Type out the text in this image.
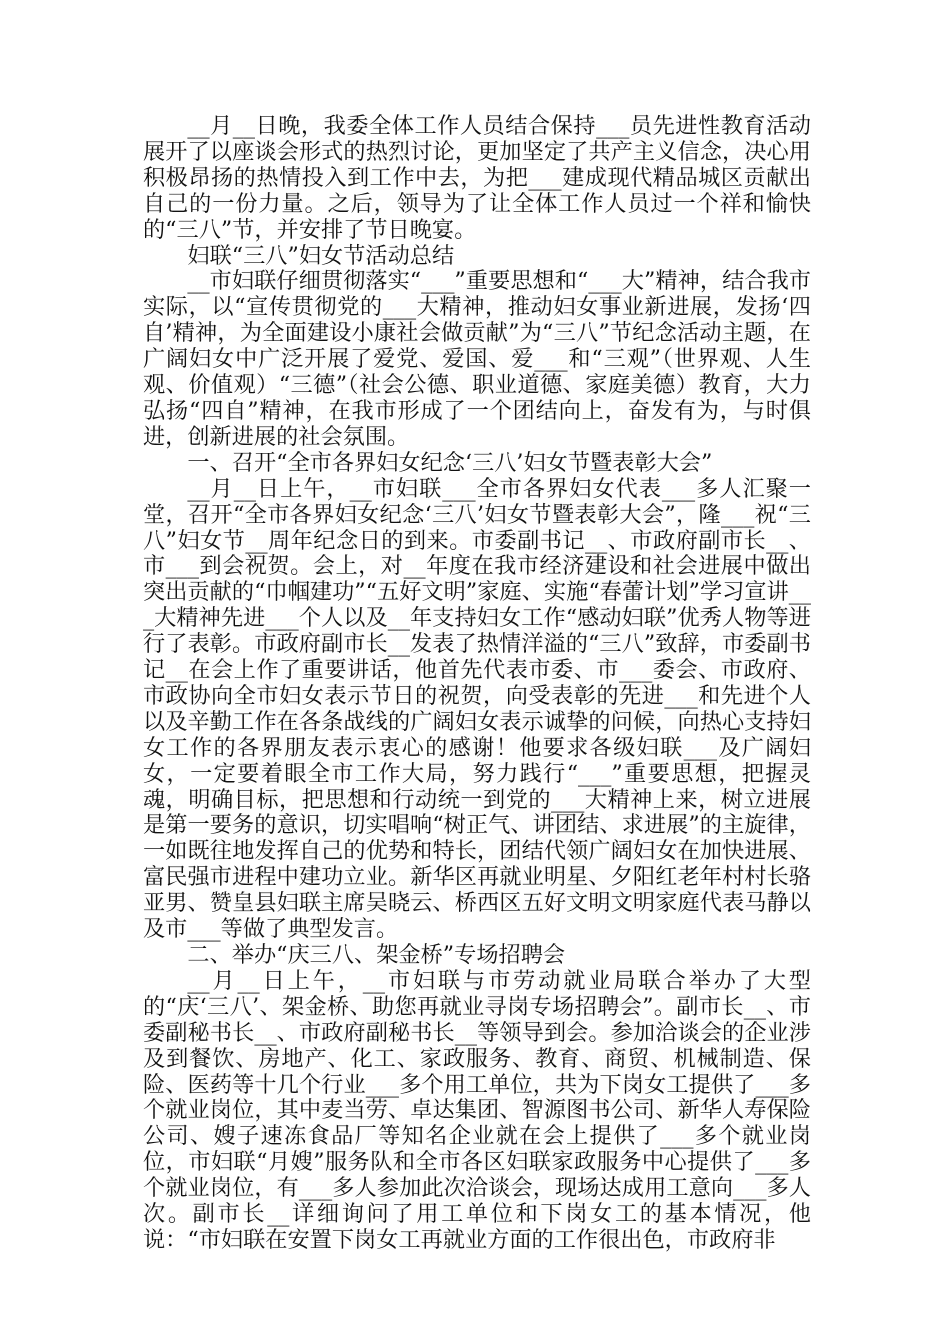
__月__日晚，我委全体工作人员结合保持___员先进性教育活动展开了以座谈会形式的热烈讨论，更加坚定了共产主义信念，决心用积极昂扬的热情投入到工作中去，为把___建成现代精品城区贡献出自己的一份力量。之后，领导为了让全体工作人员过一个祥和愉快的“三八”节，并安排了节日晚宴。

妇联“三八”妇女节活动总结

__市妇联仔细贯彻落实“___”重要思想和“___大”精神，结合我市实际，以“宣传贯彻党的___大精神，推动妇女事业新进展，发扬‘四自’精神，为全面建设小康社会做贡献”为“三八”节纪念活动主题，在广阔妇女中广泛开展了爱党、爱国、爱___和“三观”（世界观、人生观、价值观）“三德”（社会公德、职业道德、家庭美德）教育，大力弘扬“四自”精神，在我市形成了一个团结向上，奋发有为，与时俱进，创新进展的社会氛围。

一、召开“全市各界妇女纪念‘三八’妇女节暨表彰大会”

__月__日上午，__市妇联___全市各界妇女代表___多人汇聚一堂，召开“全市各界妇女纪念‘三八’妇女节暨表彰大会”，隆___祝“三八”妇女节__周年纪念日的到来。市委副书记__、市政府副市长__、市___到会祝贺。会上，对__年度在我市经济建设和社会进展中做出突出贡献的“巾帼建功”“五好文明”家庭、实施“春蕾计划”学习宣讲___大精神先进___个人以及__年支持妇女工作“感动妇联”优秀人物等进行了表彰。市政府副市长__发表了热情洋溢的“三八”致辞，市委副书记__在会上作了重要讲话，他首先代表市委、市___委会、市政府、市政协向全市妇女表示节日的祝贺，向受表彰的先进___和先进个人以及辛勤工作在各条战线的广阔妇女表示诚挚的问候，向热心支持妇女工作的各界朋友表示衷心的感谢！他要求各级妇联___及广阔妇女，一定要着眼全市工作大局，努力践行“___”重要思想，把握灵魂，明确目标，把思想和行动统一到党的___大精神上来，树立进展是第一要务的意识，切实唱响“树正气、讲团结、求进展”的主旋律，一如既往地发挥自己的优势和特长，团结代领广阔妇女在加快进展、富民强市进程中建功立业。新华区再就业明星、夕阳红老年村村长骆亚男、赞皇县妇联主席吴晓云、桥西区五好文明文明家庭代表马静以及市___等做了典型发言。

二、举办“庆三八、架金桥”专场招聘会

__月__日上午，__市妇联与市劳动就业局联合举办了大型的“庆‘三八’、架金桥、助您再就业寻岗专场招聘会”。副市长__、市委副秘书长__、市政府副秘书长__等领导到会。参加洽谈会的企业涉及到餐饮、房地产、化工、家政服务、教育、商贸、机械制造、保险、医药等十几个行业___多个用工单位，共为下岗女工提供了___多个就业岗位，其中麦当劳、卓达集团、智源图书公司、新华人寿保险公司、嫂子速冻食品厂等知名企业就在会上提供了___多个就业岗位，市妇联“月嫂”服务队和全市各区妇联家政服务中心提供了___多个就业岗位，有___多人参加此次洽谈会，现场达成用工意向___多人次。副市长__详细询问了用工单位和下岗女工的基本情况，他说：“市妇联在安置下岗女工再就业方面的工作很出色，市政府非
